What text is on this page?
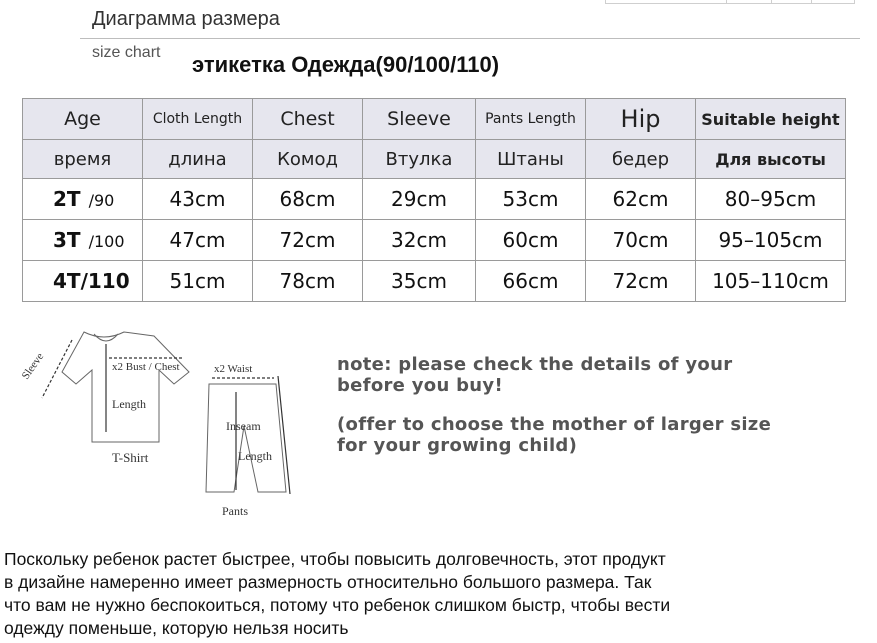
Диаграмма размера
size chart этикетка Одежда(90/100/110)
Age	Cloth Length	Chest	Sleeve	Pants Length	Hip	Suitable height
время	длина	Комод	Втулка	Штаны	бедер	Для высоты
2T /90	43cm	68cm	29cm	53cm	62cm	80–95cm
3T /100	47cm	72cm	32cm	60cm	70cm	95–105cm
4T/110	51cm	78cm	35cm	66cm	72cm	105–110cm
Sleeve	x2 Bust / Chest
Length
T-Shirt
x2 Waist
Inseam
Length
Pants
note: please check the details of your
before you buy!
(offer to choose the mother of larger size
for your growing child)
Поскольку ребенок растет быстрее, чтобы повысить долговечность, этот продукт
в дизайне намеренно имеет размерность относительно большого размера. Так
что вам не нужно беспокоиться, потому что ребенок слишком быстр, чтобы вести
одежду поменьше, которую нельзя носить
